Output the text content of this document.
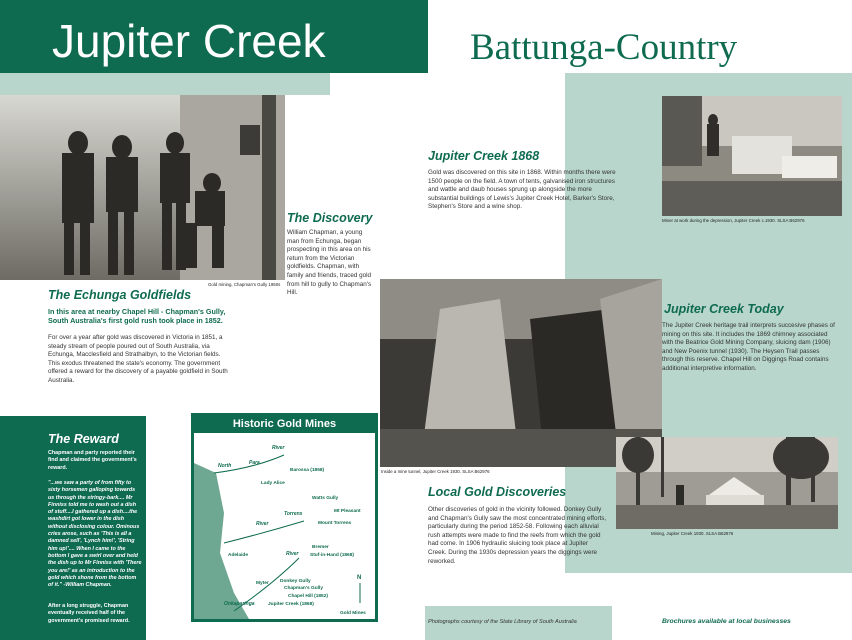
Jupiter Creek	Battunga-Country
Gold mining, Chapman's Gully 1950s
The Discovery
William Chapman, a young man from Echunga, began prospecting in this area on his return from the Victorian goldfields. Chapman, with family and friends, traced gold from hill to gully to Chapman's Hill.
Jupiter Creek 1868
Gold was discovered on this site in 1868. Within months there were 1500 people on the field. A town of tents, galvanised iron structures and wattle and daub houses sprung up alongside the more substantial buildings of Lewis's Jupiter Creek Hotel, Barker's Store, Stephen's Store and a wine shop.
Miner at work during the depression, Jupiter Creek c.1930. SLSA B62976
The Echunga Goldfields
In this area at nearby Chapel Hill - Chapman's Gully, South Australia's first gold rush took place in 1852.
For over a year after gold was discovered in Victoria in 1851, a steady stream of people poured out of South Australia, via Echunga, Macclesfield and Strathalbyn, to the Victorian fields. This exodus threatened the state's economy. The government offered a reward for the discovery of a payable goldfield in South Australia.
Inside a mine tunnel, Jupiter Creek 1930. SLSA B62976
Jupiter Creek Today
The Jupiter Creek heritage trail interprets succesive phases of mining on this site. It includes the 1869 chimney associated with the Beatrice Gold Mining Company, sluicing dam (1906) and New Poenix tunnel (1930). The Heysen Trail passes through this reserve. Chapel Hill on Diggings Road contains additional interpretive information.
Mining, Jupiter Creek 1930. SLSA B62976
Local Gold Discoveries
Other discoveries of gold in the vicinity followed. Donkey Gully and Chapman's Gully saw the most concentrated mining efforts, particularly during the period 1852-58. Following each alluvial rush attempts were made to find the reefs from which the gold had come. In 1906 hydraulic sluicing took place at Jupiter Creek. During the 1930s depression years the diggings were reworked.
The Reward
Chapman and party reported their find and claimed the government's reward.
"...we saw a party of from fifty to sixty horsemen galloping towards us through the stringy-bark.... Mr Finniss told me to wash out a dish of stuff....I gathered up a dish....the washdirt got lower in the dish without disclosing colour. Ominous cries arose, such as 'This is all a damned sell', 'Lynch him!', 'String him up!'.... When I came to the bottom I gave a swirl over and held the dish up to Mr Finniss with 'There you are!' as an introduction to the gold which shone from the bottom of it." -William Chapman.
After a long struggle, Chapman eventually received half of the government's promised reward.
Historic Gold Mines
North	Para
River
River
Torrens
Onkaparinga
River
Barossa (1868)
Lady Alice
Watts Gully
Mt Pleasant
Mount Torrens
Adelaide
Bremer
Stuf-in-Hand (1868)
Myter Donkey Gully
Chapman's Gully
Chapel Hill (1852)
Jupiter Creek (1868)
Gold Mines
N
Photographs courtesy of the State Library of South Australia	Brochures available at local businesses
